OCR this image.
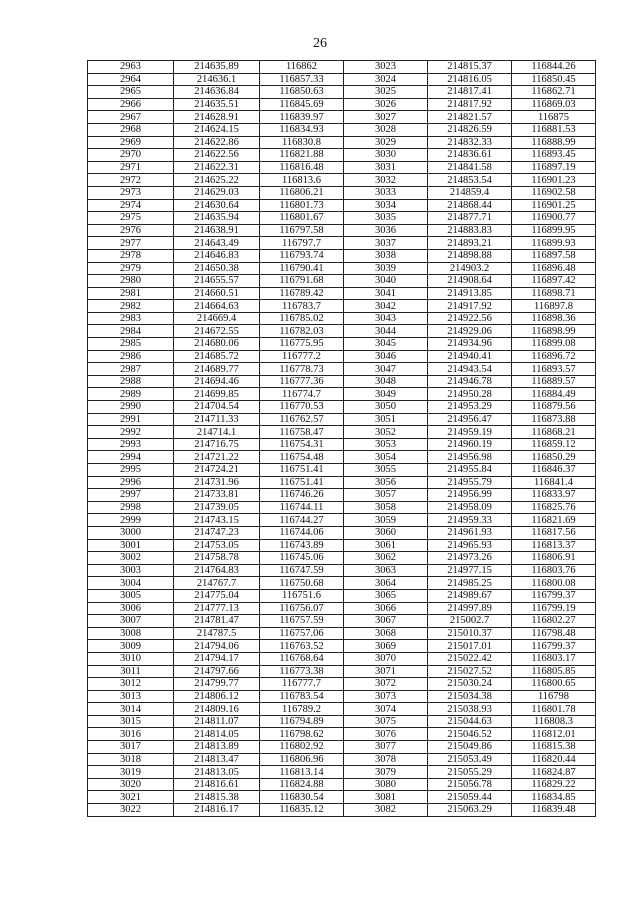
26
2963	214635.89	116862	3023	214815.37	116844.26
2964	214636.1	116857.33	3024	214816.05	116850.45
2965	214636.84	116850.63	3025	214817.41	116862.71
2966	214635.51	116845.69	3026	214817.92	116869.03
2967	214628.91	116839.97	3027	214821.57	116875
2968	214624.15	116834.93	3028	214826.59	116881.53
2969	214622.86	116830.8	3029	214832.33	116888.99
2970	214622.56	116821.88	3030	214836.61	116893.45
2971	214622.31	116816.48	3031	214841.58	116897.19
2972	214625.22	116813.6	3032	214853.54	116901.23
2973	214629.03	116806.21	3033	214859.4	116902.58
2974	214630.64	116801.73	3034	214868.44	116901.25
2975	214635.94	116801.67	3035	214877.71	116900.77
2976	214638.91	116797.58	3036	214883.83	116899.95
2977	214643.49	116797.7	3037	214893.21	116899.93
2978	214646.83	116793.74	3038	214898.88	116897.58
2979	214650.38	116790.41	3039	214903.2	116896.48
2980	214655.57	116791.68	3040	214908.64	116897.42
2981	214660.51	116789.42	3041	214913.85	116898.71
2982	214664.63	116783.7	3042	214917.92	116897.8
2983	214669.4	116785.02	3043	214922.56	116898.36
2984	214672.55	116782.03	3044	214929.06	116898.99
2985	214680.06	116775.95	3045	214934.96	116899.08
2986	214685.72	116777.2	3046	214940.41	116896.72
2987	214689.77	116778.73	3047	214943.54	116893.57
2988	214694.46	116777.36	3048	214946.78	116889.57
2989	214699.85	116774.7	3049	214950.28	116884.49
2990	214704.54	116770.53	3050	214953.29	116879.56
2991	214711.33	116762.57	3051	214956.47	116873.88
2992	214714.1	116758.47	3052	214959.19	116868.21
2993	214716.75	116754.31	3053	214960.19	116859.12
2994	214721.22	116754.48	3054	214956.98	116850.29
2995	214724.21	116751.41	3055	214955.84	116846.37
2996	214731.96	116751.41	3056	214955.79	116841.4
2997	214733.81	116746.26	3057	214956.99	116833.97
2998	214739.05	116744.11	3058	214958.09	116825.76
2999	214743.15	116744.27	3059	214959.33	116821.69
3000	214747.23	116744.06	3060	214961.93	116817.56
3001	214753.05	116743.89	3061	214965.93	116813.37
3002	214758.78	116745.06	3062	214973.26	116806.91
3003	214764.83	116747.59	3063	214977.15	116803.76
3004	214767.7	116750.68	3064	214985.25	116800.08
3005	214775.04	116751.6	3065	214989.67	116799.37
3006	214777.13	116756.07	3066	214997.89	116799.19
3007	214781.47	116757.59	3067	215002.7	116802.27
3008	214787.5	116757.06	3068	215010.37	116798.48
3009	214794.06	116763.52	3069	215017.01	116799.37
3010	214794.17	116768.64	3070	215022.42	116803.17
3011	214797.66	116773.38	3071	215027.52	116805.85
3012	214799.77	116777.7	3072	215030.24	116800.65
3013	214806.12	116783.54	3073	215034.38	116798
3014	214809.16	116789.2	3074	215038.93	116801.78
3015	214811.07	116794.89	3075	215044.63	116808.3
3016	214814.05	116798.62	3076	215046.52	116812.01
3017	214813.89	116802.92	3077	215049.86	116815.38
3018	214813.47	116806.96	3078	215053.49	116820.44
3019	214813.05	116813.14	3079	215055.29	116824.87
3020	214816.61	116824.88	3080	215056.78	116829.22
3021	214815.38	116830.54	3081	215059.44	116834.85
3022	214816.17	116835.12	3082	215063.29	116839.48
